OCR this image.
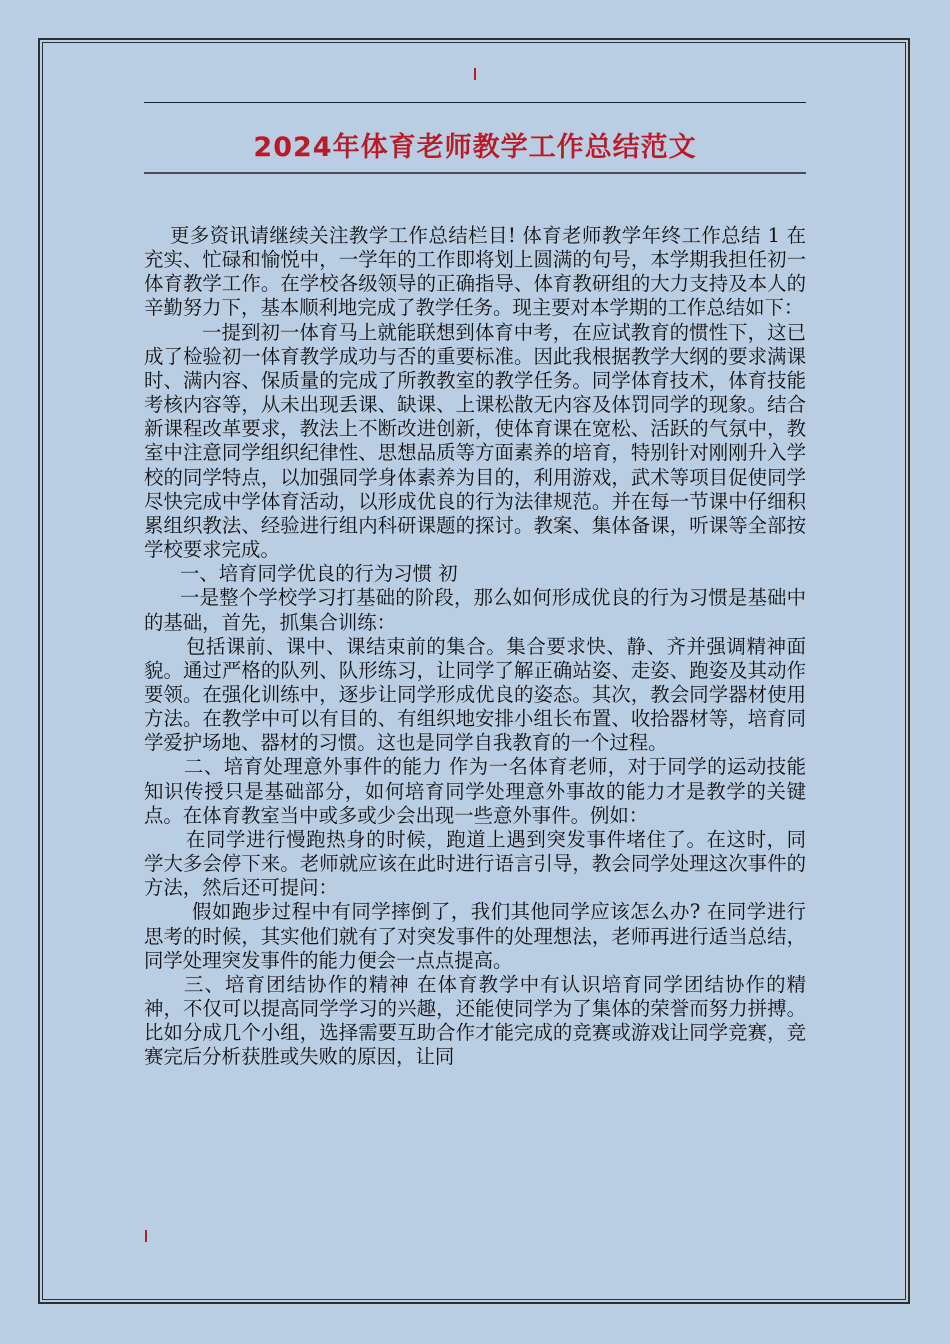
2024年体育老师教学工作总结范文

更多资讯请继续关注教学工作总结栏目! 体育老师教学年终工作总结 1 在充实、忙碌和愉悦中，一学年的工作即将划上圆满的句号，本学期我担任初一体育教学工作。在学校各级领导的正确指导、体育教研组的大力支持及本人的辛勤努力下，基本顺利地完成了教学任务。现主要对本学期的工作总结如下：

一提到初一体育马上就能联想到体育中考，在应试教育的惯性下，这已成了检验初一体育教学成功与否的重要标准。因此我根据教学大纲的要求满课时、满内容、保质量的完成了所教教室的教学任务。同学体育技术，体育技能考核内容等，从未出现丢课、缺课、上课松散无内容及体罚同学的现象。结合新课程改革要求，教法上不断改进创新，使体育课在宽松、活跃的气氛中，教室中注意同学组织纪律性、思想品质等方面素养的培育，特别针对刚刚升入学校的同学特点，以加强同学身体素养为目的，利用游戏，武术等项目促使同学尽快完成中学体育活动，以形成优良的行为法律规范。并在每一节课中仔细积累组织教法、经验进行组内科研课题的探讨。教案、集体备课，听课等全部按学校要求完成。

一、培育同学优良的行为习惯 初

一是整个学校学习打基础的阶段，那么如何形成优良的行为习惯是基础中的基础，首先，抓集合训练：

包括课前、课中、课结束前的集合。集合要求快、静、齐并强调精神面貌。通过严格的队列、队形练习，让同学了解正确站姿、走姿、跑姿及其动作要领。在强化训练中，逐步让同学形成优良的姿态。其次，教会同学器材使用方法。在教学中可以有目的、有组织地安排小组长布置、收拾器材等，培育同学爱护场地、器材的习惯。这也是同学自我教育的一个过程。

二、培育处理意外事件的能力 作为一名体育老师，对于同学的运动技能知识传授只是基础部分，如何培育同学处理意外事故的能力才是教学的关键点。在体育教室当中或多或少会出现一些意外事件。例如：

在同学进行慢跑热身的时候，跑道上遇到突发事件堵住了。在这时，同学大多会停下来。老师就应该在此时进行语言引导，教会同学处理这次事件的方法，然后还可提问：

假如跑步过程中有同学摔倒了，我们其他同学应该怎么办? 在同学进行思考的时候，其实他们就有了对突发事件的处理想法，老师再进行适当总结，同学处理突发事件的能力便会一点点提高。

三、培育团结协作的精神 在体育教学中有认识培育同学团结协作的精神，不仅可以提高同学学习的兴趣，还能使同学为了集体的荣誉而努力拼搏。比如分成几个小组，选择需要互助合作才能完成的竞赛或游戏让同学竞赛，竞赛完后分析获胜或失败的原因，让同
